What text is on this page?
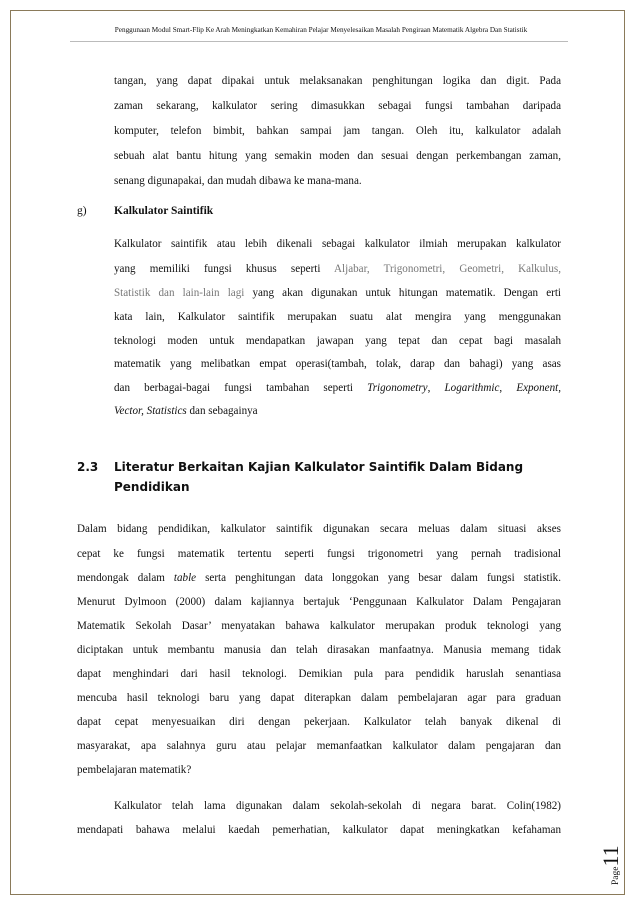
Penggunaan Modul Smart-Flip Ke Arah Meningkatkan Kemahiran Pelajar Menyelesaikan Masalah Pengiraan Matematik Algebra Dan Statistik
tangan, yang dapat dipakai untuk melaksanakan penghitungan logika dan digit. Pada
zaman sekarang, kalkulator sering dimasukkan sebagai fungsi tambahan daripada
komputer, telefon bimbit, bahkan sampai jam tangan. Oleh itu, kalkulator adalah
sebuah alat bantu hitung yang semakin moden dan sesuai dengan perkembangan zaman,
senang digunapakai, dan mudah dibawa ke mana-mana.
g) Kalkulator Saintifik
Kalkulator saintifik atau lebih dikenali sebagai kalkulator ilmiah merupakan kalkulator
yang memiliki fungsi khusus seperti Aljabar, Trigonometri, Geometri, Kalkulus,
Statistik dan lain-lain lagi yang akan digunakan untuk hitungan matematik. Dengan erti
kata lain, Kalkulator saintifik merupakan suatu alat mengira yang menggunakan
teknologi moden untuk mendapatkan jawapan yang tepat dan cepat bagi masalah
matematik yang melibatkan empat operasi(tambah, tolak, darap dan bahagi) yang asas
dan berbagai-bagai fungsi tambahan seperti Trigonometry, Logarithmic, Exponent,
Vector, Statistics dan sebagainya
2.3 Literatur Berkaitan Kajian Kalkulator Saintifik Dalam Bidang
Pendidikan
Dalam bidang pendidikan, kalkulator saintifik digunakan secara meluas dalam situasi akses
cepat ke fungsi matematik tertentu seperti fungsi trigonometri yang pernah tradisional
mendongak dalam table serta penghitungan data longgokan yang besar dalam fungsi statistik.
Menurut Dylmoon (2000) dalam kajiannya bertajuk ‘Penggunaan Kalkulator Dalam Pengajaran
Matematik Sekolah Dasar’ menyatakan bahawa kalkulator merupakan produk teknologi yang
diciptakan untuk membantu manusia dan telah dirasakan manfaatnya. Manusia memang tidak
dapat menghindari dari hasil teknologi. Demikian pula para pendidik haruslah senantiasa
mencuba hasil teknologi baru yang dapat diterapkan dalam pembelajaran agar para graduan
dapat cepat menyesuaikan diri dengan pekerjaan. Kalkulator telah banyak dikenal di
masyarakat, apa salahnya guru atau pelajar memanfaatkan kalkulator dalam pengajaran dan
pembelajaran matematik?
Kalkulator telah lama digunakan dalam sekolah-sekolah di negara barat. Colin(1982)
mendapati bahawa melalui kaedah pemerhatian, kalkulator dapat meningkatkan kefahaman
Page11
